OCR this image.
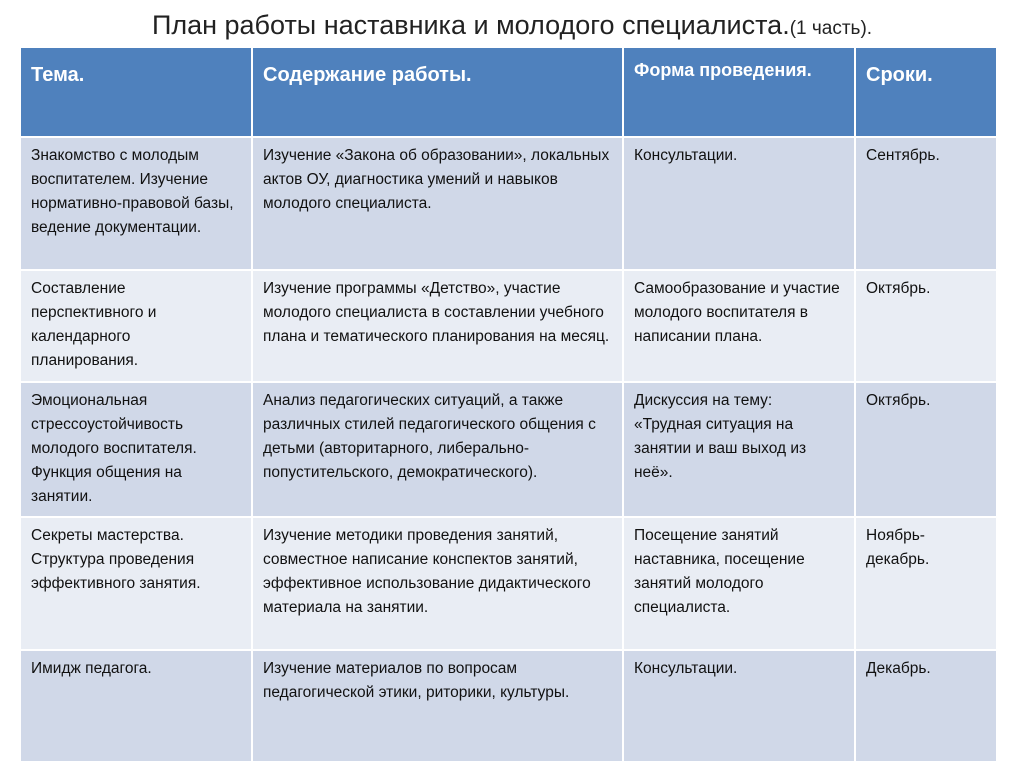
План работы наставника и молодого специалиста.(1 часть).
Тема.	Содержание работы.	Форма проведения.	Сроки.
Знакомство с молодым воспитателем. Изучение нормативно-правовой базы, ведение документации.	Изучение «Закона об образовании», локальных актов ОУ, диагностика умений и навыков молодого специалиста.	Консультации.	Сентябрь.
Составление перспективного и календарного планирования.	Изучение программы «Детство», участие молодого специалиста в составлении учебного плана и тематического планирования на месяц.	Самообразование и участие молодого воспитателя в написании плана.	Октябрь.
Эмоциональная стрессоустойчивость молодого воспитателя. Функция общения на занятии.	Анализ педагогических ситуаций, а также различных стилей педагогического общения с детьми (авторитарного, либерально-попустительского, демократического).	Дискуссия на тему: «Трудная ситуация на занятии и ваш выход из неё».	Октябрь.
Секреты мастерства. Структура проведения эффективного занятия.	Изучение методики проведения занятий, совместное написание конспектов занятий, эффективное использование дидактического материала на занятии.	Посещение занятий наставника, посещение занятий молодого специалиста.	Ноябрь-декабрь.
Имидж педагога.	Изучение материалов по вопросам педагогической этики, риторики, культуры.	Консультации.	Декабрь.
